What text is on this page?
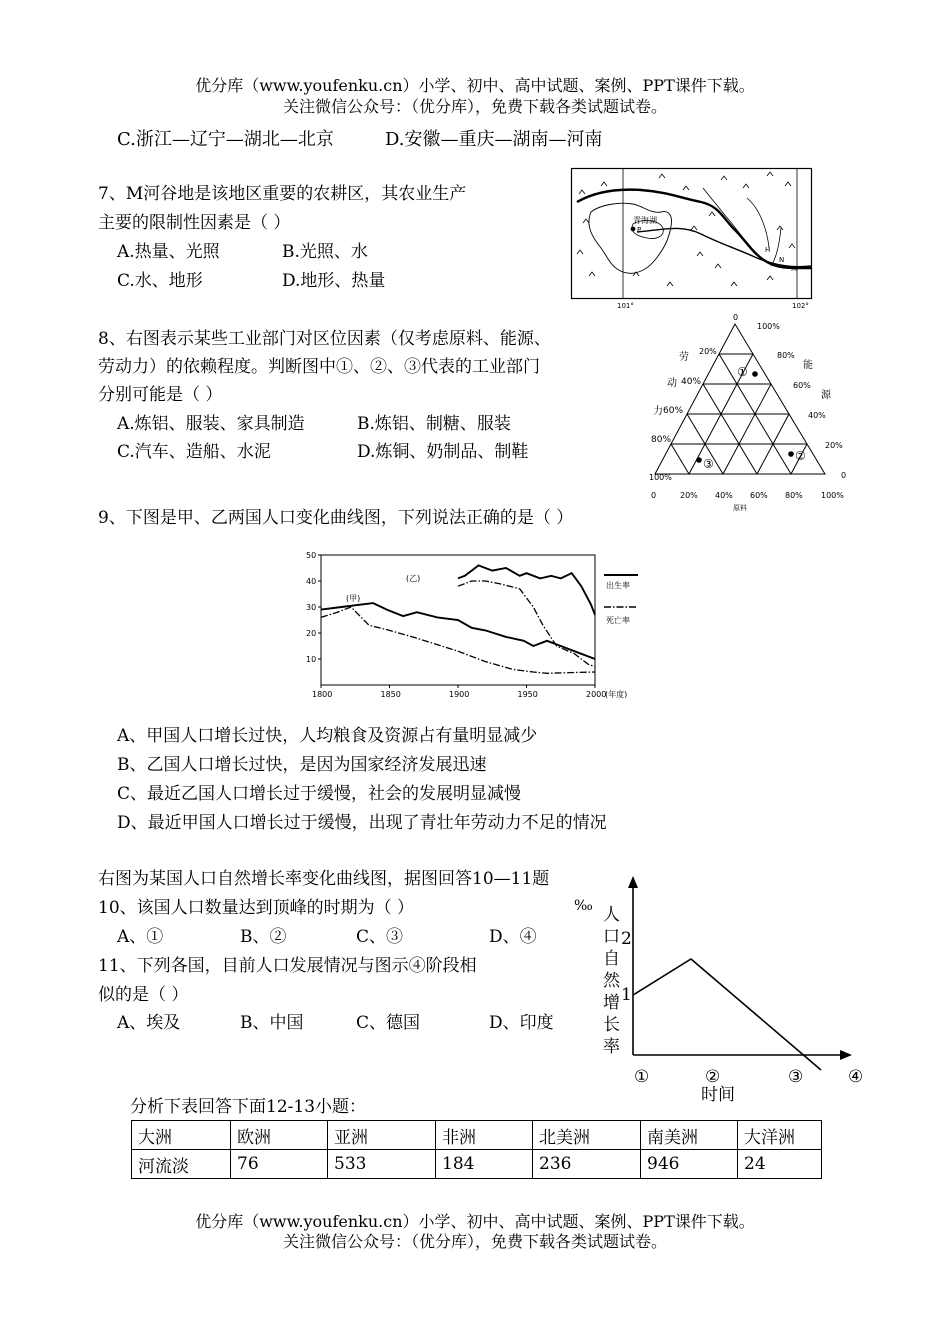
优分库（www.youfenku.cn）小学、初中、高中试题、案例、PPT课件下载。
关注微信公众号：（优分库），免费下载各类试题试卷。
C.浙江—辽宁—湖北—北京	D.安徽—重庆—湖南—河南
7、M河谷地是该地区重要的农耕区，其农业生产
主要的限制性因素是（ ）
A.热量、光照	B.光照、水
C.水、地形	D.地形、热量
青海湖
P
H
N
M
101°	102°
8、右图表示某些工业部门对区位因素（仅考虑原料、能源、
劳动力）的依赖程度。判断图中①、②、③代表的工业部门
分别可能是（ ）
A.炼铝、服装、家具制造	B.炼铝、制糖、服装
C.汽车、造船、水泥	D.炼铜、奶制品、制鞋
0
100%
20%
40%
60%
80%
100%
80%
60%
40%
20%
0
0	20% 40% 60% 80% 100%
原料
劳
动
力
能
源
①
②
③
9、下图是甲、乙两国人口变化曲线图，下列说法正确的是（ ）
1800	1850	1900	1950	2000
(年度)
10
20
30
40
50
(乙)
(甲)
出生率
死亡率
A、甲国人口增长过快，人均粮食及资源占有量明显减少
B、乙国人口增长过快，是因为国家经济发展迅速
C、最近乙国人口增长过于缓慢，社会的发展明显减慢
D、最近甲国人口增长过于缓慢，出现了青壮年劳动力不足的情况
右图为某国人口自然增长率变化曲线图，据图回答10—11题
10、该国人口数量达到顶峰的时期为（ ）
A、①	B、②	C、③	D、④
11、下列各国，目前人口发展情况与图示④阶段相
似的是（ ）
A、埃及	B、中国	C、德国	D、印度
‰ 人
口
自
然
增
长
率
2
1
①	②	③	④
时间
分析下表回答下面12-13小题：
大洲	欧洲	亚洲	非洲	北美洲	南美洲	大洋洲
河流淡	76	533	184	236	946	24
优分库（www.youfenku.cn）小学、初中、高中试题、案例、PPT课件下载。
关注微信公众号：（优分库），免费下载各类试题试卷。
